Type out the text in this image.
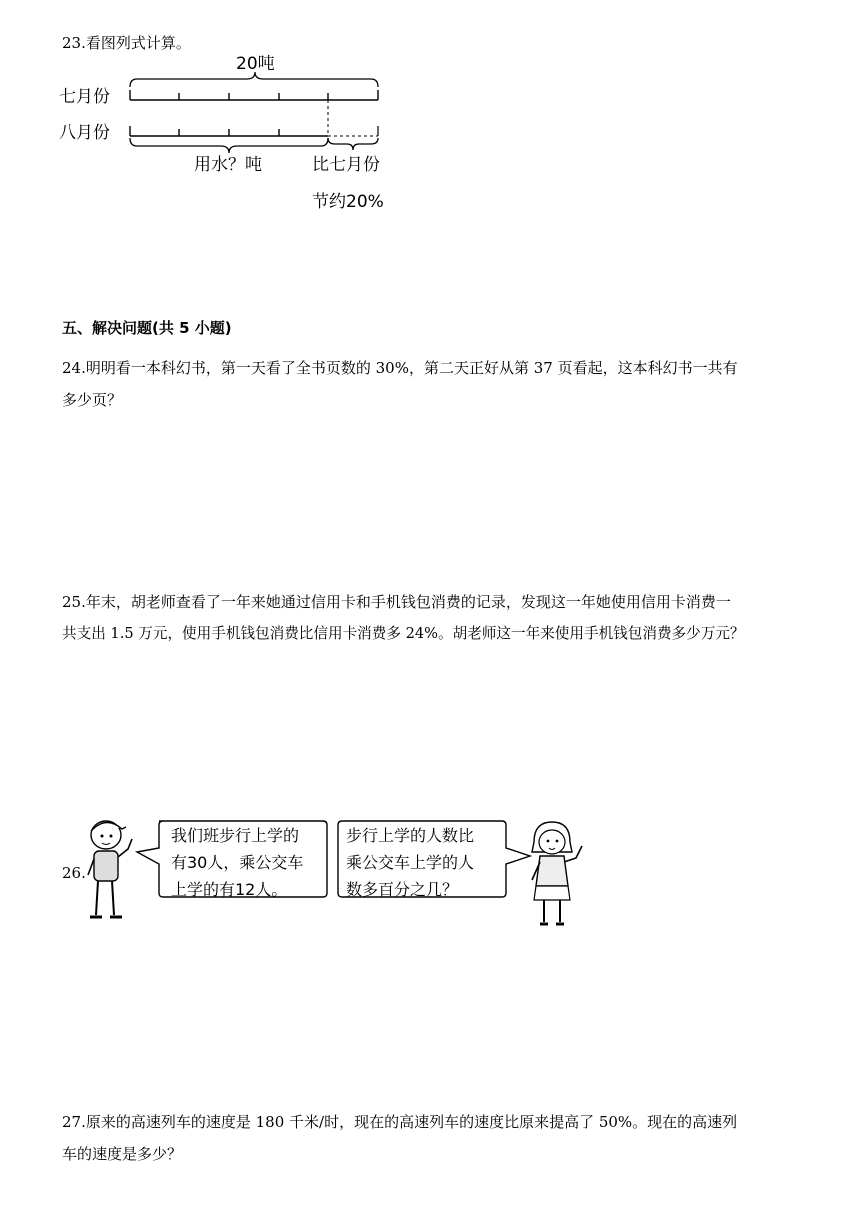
23.看图列式计算。
20吨
七月份
八月份
用水？吨	比七月份
节约20%
五、解决问题(共 5 小题)
24.明明看一本科幻书，第一天看了全书页数的 30%，第二天正好从第 37 页看起，这本科幻书一共有
多少页？
25.年末，胡老师查看了一年来她通过信用卡和手机钱包消费的记录，发现这一年她使用信用卡消费一
共支出 1.5 万元，使用手机钱包消费比信用卡消费多 24%。胡老师这一年来使用手机钱包消费多少万元？
26.
我们班步行上学的
有30人，乘公交车
上学的有12人。
步行上学的人数比
乘公交车上学的人
数多百分之几？
27.原来的高速列车的速度是 180 千米/时，现在的高速列车的速度比原来提高了 50%。现在的高速列
车的速度是多少？
